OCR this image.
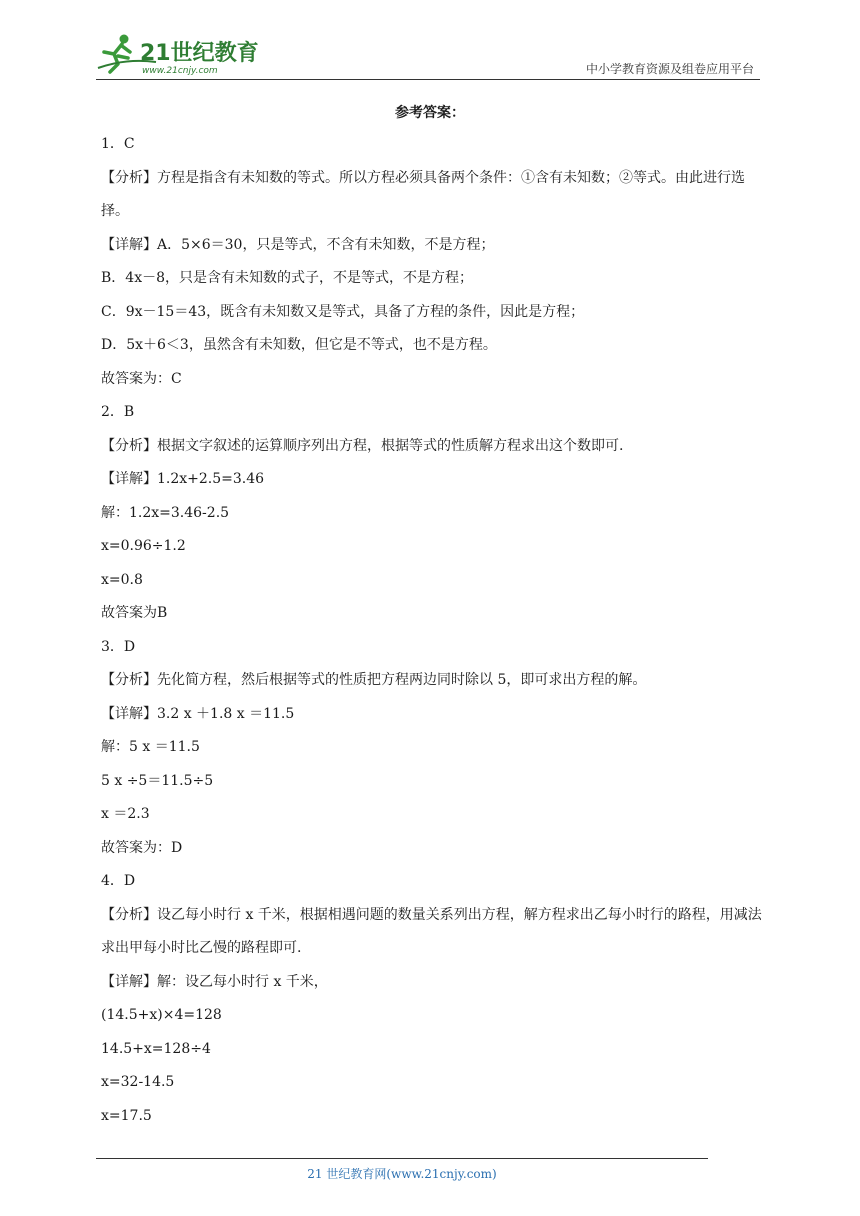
21世纪教育
www.21cnjy.com	中小学教育资源及组卷应用平台
参考答案：
1．C
【分析】方程是指含有未知数的等式。所以方程必须具备两个条件：①含有未知数；②等式。由此进行选择。
【详解】A．5×6＝30，只是等式，不含有未知数，不是方程；
B．4x－8，只是含有未知数的式子，不是等式，不是方程；
C．9x－15＝43，既含有未知数又是等式，具备了方程的条件，因此是方程；
D．5x＋6＜3，虽然含有未知数，但它是不等式，也不是方程。
故答案为：C
2．B
【分析】根据文字叙述的运算顺序列出方程，根据等式的性质解方程求出这个数即可.
【详解】1.2x+2.5=3.46
解：1.2x=3.46-2.5
x=0.96÷1.2
x=0.8
故答案为B
3．D
【分析】先化简方程，然后根据等式的性质把方程两边同时除以 5，即可求出方程的解。
【详解】3.2 x ＋1.8 x ＝11.5
解：5 x ＝11.5
5 x ÷5＝11.5÷5
x ＝2.3
故答案为：D
4．D
【分析】设乙每小时行 x 千米，根据相遇问题的数量关系列出方程，解方程求出乙每小时行的路程，用减法求出甲每小时比乙慢的路程即可.
【详解】解：设乙每小时行 x 千米，
(14.5+x)×4=128
14.5+x=128÷4
x=32-14.5
x=17.5
21 世纪教育网(www.21cnjy.com)
